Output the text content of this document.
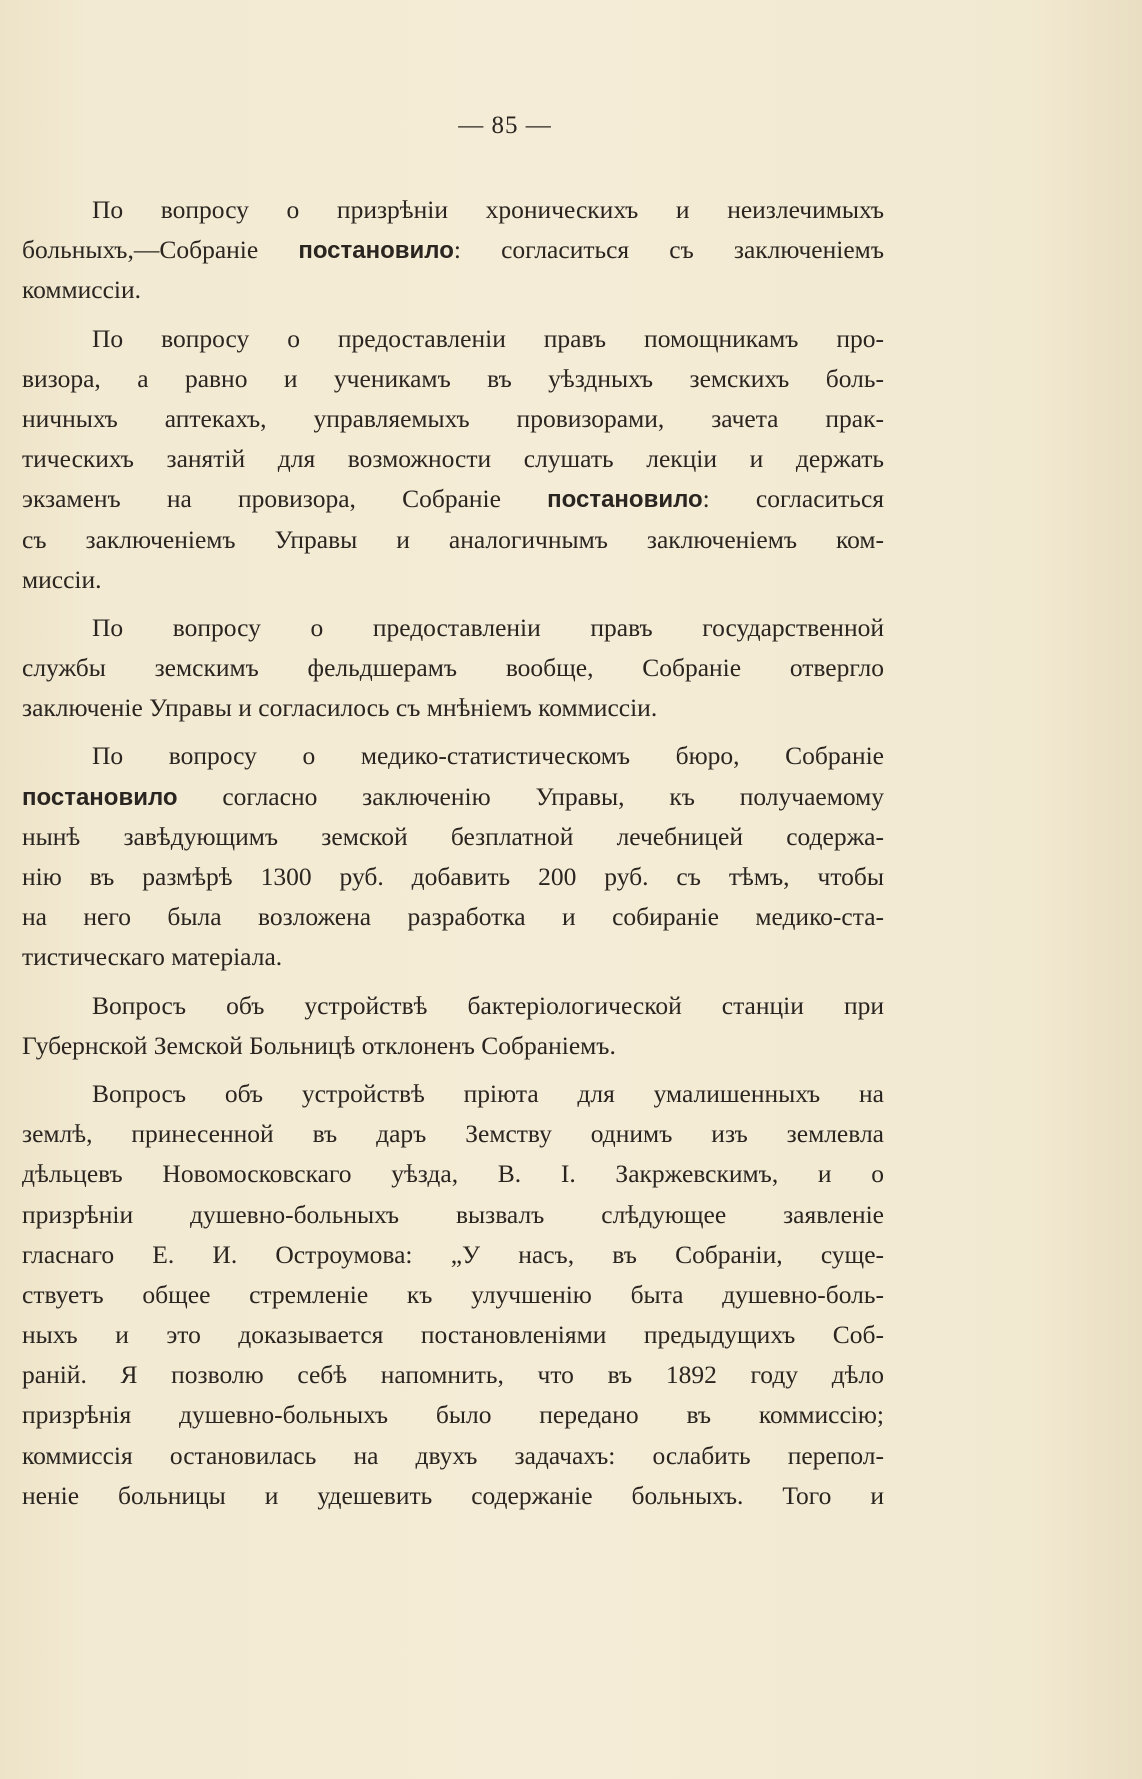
— 85 —
По вопросу о призрѣніи хроническихъ и неизлечимыхъ
больныхъ,—Собраніе постановило: согласиться съ заключеніемъ
коммиссіи.
По вопросу о предоставленіи правъ помощникамъ про-
визора, а равно и ученикамъ въ уѣздныхъ земскихъ боль-
ничныхъ аптекахъ, управляемыхъ провизорами, зачета прак-
тическихъ занятій для возможности слушать лекціи и держать
экзаменъ на провизора, Собраніе постановило: согласиться
съ заключеніемъ Управы и аналогичнымъ заключеніемъ ком-
миссіи.
По вопросу о предоставленіи правъ государственной
службы земскимъ фельдшерамъ вообще, Собраніе отвергло
заключеніе Управы и согласилось съ мнѣніемъ коммиссіи.
По вопросу о медико-статистическомъ бюро, Собраніе
постановило согласно заключенію Управы, къ получаемому
нынѣ завѣдующимъ земской безплатной лечебницей содержа-
нію въ размѣрѣ 1300 руб. добавить 200 руб. съ тѣмъ, чтобы
на него была возложена разработка и собираніе медико-ста-
тистическаго матеріала.
Вопросъ объ устройствѣ бактеріологической станціи при
Губернской Земской Больницѣ отклоненъ Собраніемъ.
Вопросъ объ устройствѣ пріюта для умалишенныхъ на
землѣ, принесенной въ даръ Земству однимъ изъ землевла
дѣльцевъ Новомосковскаго уѣзда, В. І. Закржевскимъ, и о
призрѣніи душевно-больныхъ вызвалъ слѣдующее заявленіе
гласнаго Е. И. Остроумова: „У насъ, въ Собраніи, суще-
ствуетъ общее стремленіе къ улучшенію быта душевно-боль-
ныхъ и это доказывается постановленіями предыдущихъ Соб-
раній. Я позволю себѣ напомнить, что въ 1892 году дѣло
призрѣнія душевно-больныхъ было передано въ коммиссію;
коммиссія остановилась на двухъ задачахъ: ослабить перепол-
неніе больницы и удешевить содержаніе больныхъ. Того и
